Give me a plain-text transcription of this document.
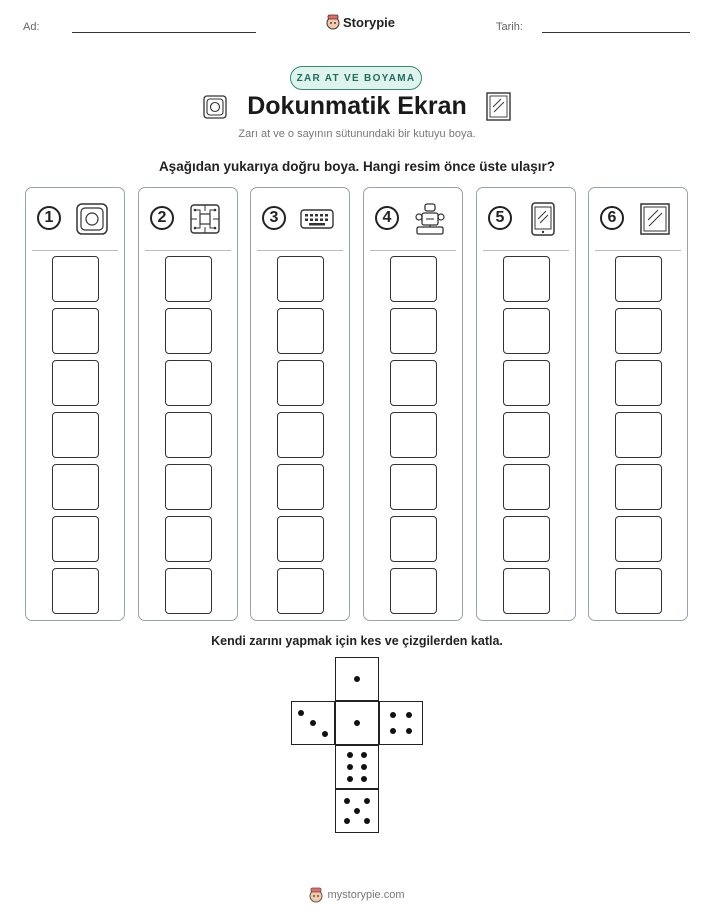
Ad:	Storypie	Tarih:
ZAR AT VE BOYAMA
Dokunmatik Ekran
Zarı at ve o sayının sütunundaki bir kutuyu boya.
Aşağıdan yukarıya doğru boya. Hangi resim önce üste ulaşır?
1	2	3	4	5	6
Kendi zarını yapmak için kes ve çizgilerden katla.
mystorypie.com
